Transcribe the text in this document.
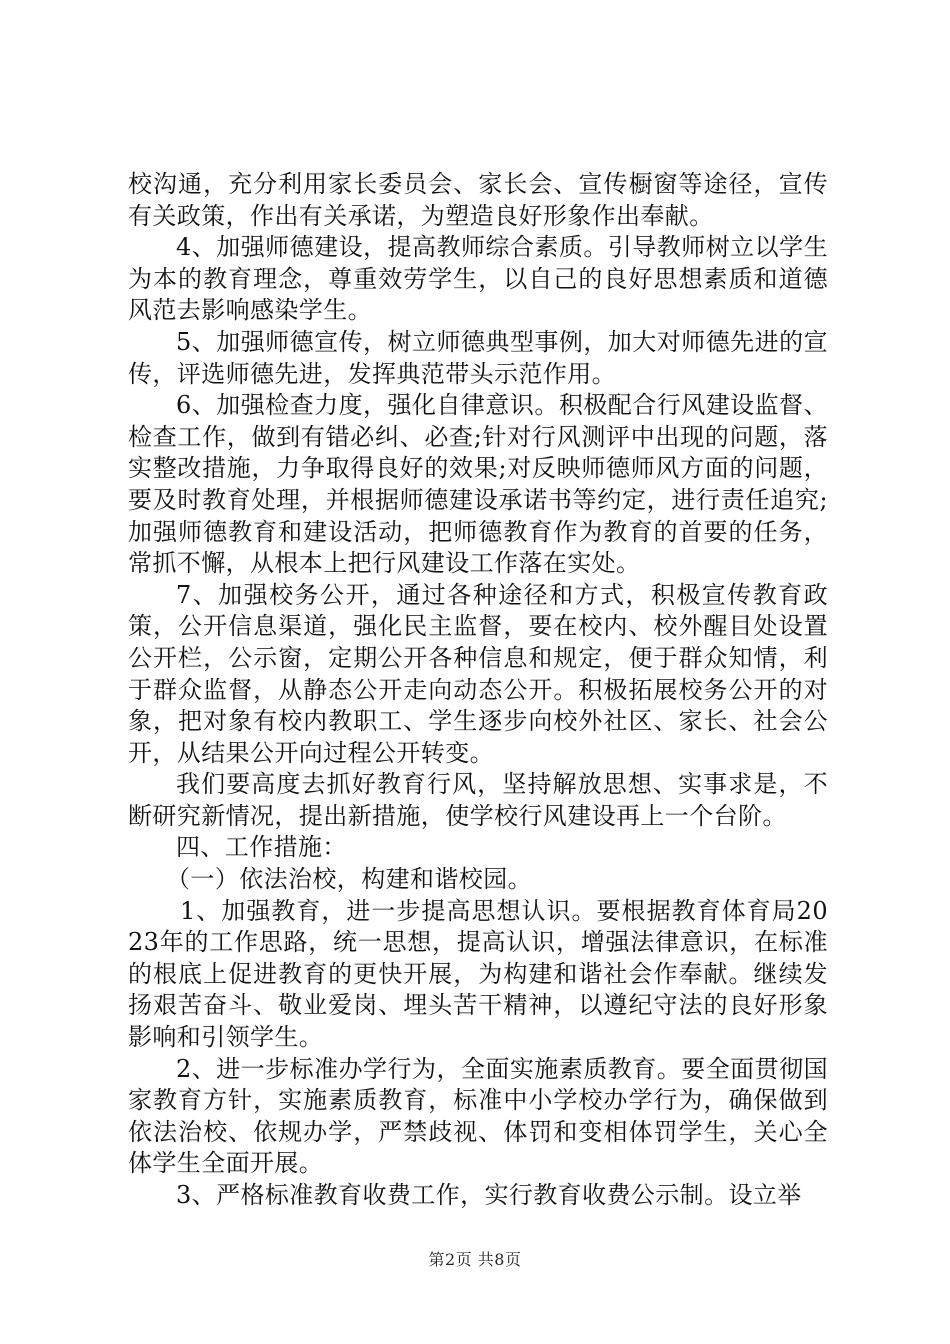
校沟通，充分利用家长委员会、家长会、宣传橱窗等途径，宣传有关政策，作出有关承诺，为塑造良好形象作出奉献。

4、加强师德建设，提高教师综合素质。引导教师树立以学生为本的教育理念，尊重效劳学生，以自己的良好思想素质和道德风范去影响感染学生。

5、加强师德宣传，树立师德典型事例，加大对师德先进的宣传，评选师德先进，发挥典范带头示范作用。

6、加强检查力度，强化自律意识。积极配合行风建设监督、检查工作，做到有错必纠、必查;针对行风测评中出现的问题，落实整改措施，力争取得良好的效果;对反映师德师风方面的问题，要及时教育处理，并根据师德建设承诺书等约定，进行责任追究;加强师德教育和建设活动，把师德教育作为教育的首要的任务，常抓不懈，从根本上把行风建设工作落在实处。

7、加强校务公开，通过各种途径和方式，积极宣传教育政策，公开信息渠道，强化民主监督，要在校内、校外醒目处设置公开栏，公示窗，定期公开各种信息和规定，便于群众知情，利于群众监督，从静态公开走向动态公开。积极拓展校务公开的对象，把对象有校内教职工、学生逐步向校外社区、家长、社会公开，从结果公开向过程公开转变。

我们要高度去抓好教育行风，坚持解放思想、实事求是，不断研究新情况，提出新措施，使学校行风建设再上一个台阶。

四、工作措施：

（一）依法治校，构建和谐校园。

1、加强教育，进一步提高思想认识。要根据教育体育局2023年的工作思路，统一思想，提高认识，增强法律意识，在标准的根底上促进教育的更快开展，为构建和谐社会作奉献。继续发扬艰苦奋斗、敬业爱岗、埋头苦干精神，以遵纪守法的良好形象影响和引领学生。

2、进一步标准办学行为，全面实施素质教育。要全面贯彻国家教育方针，实施素质教育，标准中小学校办学行为，确保做到依法治校、依规办学，严禁歧视、体罚和变相体罚学生，关心全体学生全面开展。

3、严格标准教育收费工作，实行教育收费公示制。设立举

第2页 共8页
